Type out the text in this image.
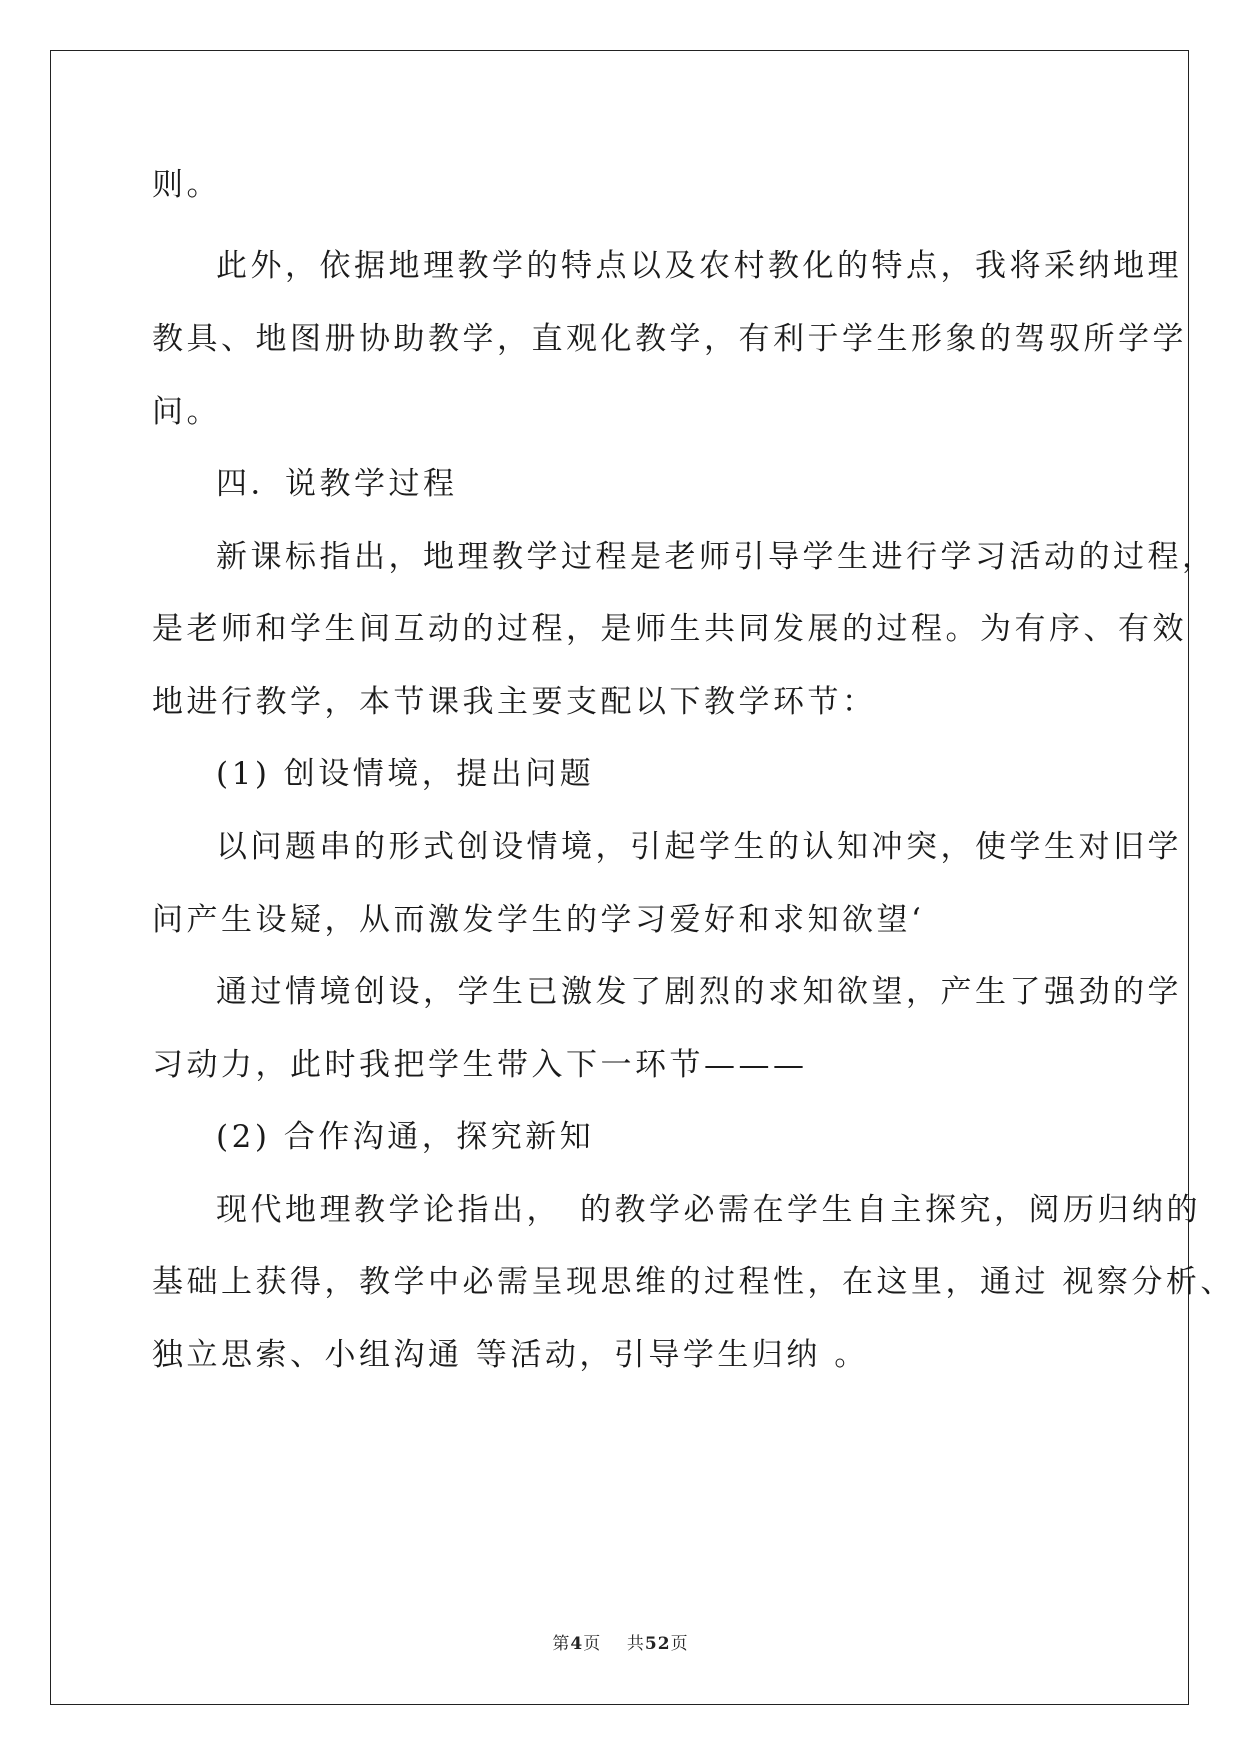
则。
此外，依据地理教学的特点以及农村教化的特点，我将采纳地理
教具、地图册协助教学，直观化教学，有利于学生形象的驾驭所学学
问。
四．说教学过程
新课标指出，地理教学过程是老师引导学生进行学习活动的过程，
是老师和学生间互动的过程，是师生共同发展的过程。为有序、有效
地进行教学，本节课我主要支配以下教学环节：
(1) 创设情境，提出问题
以问题串的形式创设情境，引起学生的认知冲突，使学生对旧学
问产生设疑，从而激发学生的学习爱好和求知欲望‘
通过情境创设，学生已激发了剧烈的求知欲望，产生了强劲的学
习动力，此时我把学生带入下一环节———
(2) 合作沟通，探究新知
现代地理教学论指出，　的教学必需在学生自主探究，阅历归纳的
基础上获得，教学中必需呈现思维的过程性，在这里，通过 视察分析、
独立思索、小组沟通 等活动，引导学生归纳 。
第4页 共52页
